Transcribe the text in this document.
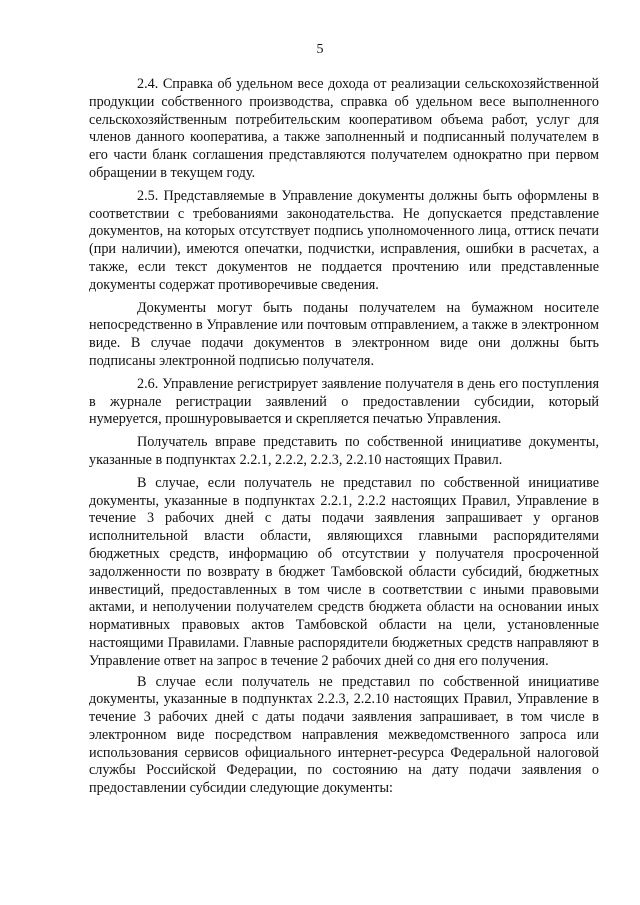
5

2.4. Справка об удельном весе дохода от реализации сельскохозяйственной продукции собственного производства, справка об удельном весе выполненного сельскохозяйственным потребительским кооперативом объема работ, услуг для членов данного кооператива, а также заполненный и подписанный получателем в его части бланк соглашения представляются получателем однократно при первом обращении в текущем году.

2.5. Представляемые в Управление документы должны быть оформлены в соответствии с требованиями законодательства. Не допускается представление документов, на которых отсутствует подпись уполномоченного лица, оттиск печати (при наличии), имеются опечатки, подчистки, исправления, ошибки в расчетах, а также, если текст документов не поддается прочтению или представленные документы содержат противоречивые сведения.

Документы могут быть поданы получателем на бумажном носителе непосредственно в Управление или почтовым отправлением, а также в электронном виде. В случае подачи документов в электронном виде они должны быть подписаны электронной подписью получателя.

2.6. Управление регистрирует заявление получателя в день его поступления в журнале регистрации заявлений о предоставлении субсидии, который нумеруется, прошнуровывается и скрепляется печатью Управления.

Получатель вправе представить по собственной инициативе документы, указанные в подпунктах 2.2.1, 2.2.2, 2.2.3, 2.2.10 настоящих Правил.

В случае, если получатель не представил по собственной инициативе документы, указанные в подпунктах 2.2.1, 2.2.2 настоящих Правил, Управление в течение 3 рабочих дней с даты подачи заявления запрашивает у органов исполнительной власти области, являющихся главными распорядителями бюджетных средств, информацию об отсутствии у получателя просроченной задолженности по возврату в бюджет Тамбовской области субсидий, бюджетных инвестиций, предоставленных в том числе в соответствии с иными правовыми актами, и неполучении получателем средств бюджета области на основании иных нормативных правовых актов Тамбовской области на цели, установленные настоящими Правилами. Главные распорядители бюджетных средств направляют в Управление ответ на запрос в течение 2 рабочих дней со дня его получения.

В случае если получатель не представил по собственной инициативе документы, указанные в подпунктах 2.2.3, 2.2.10 настоящих Правил, Управление в течение 3 рабочих дней с даты подачи заявления запрашивает, в том числе в электронном виде посредством направления межведомственного запроса или использования сервисов официального интернет-ресурса Федеральной налоговой службы Российской Федерации, по состоянию на дату подачи заявления о предоставлении субсидии следующие документы:
